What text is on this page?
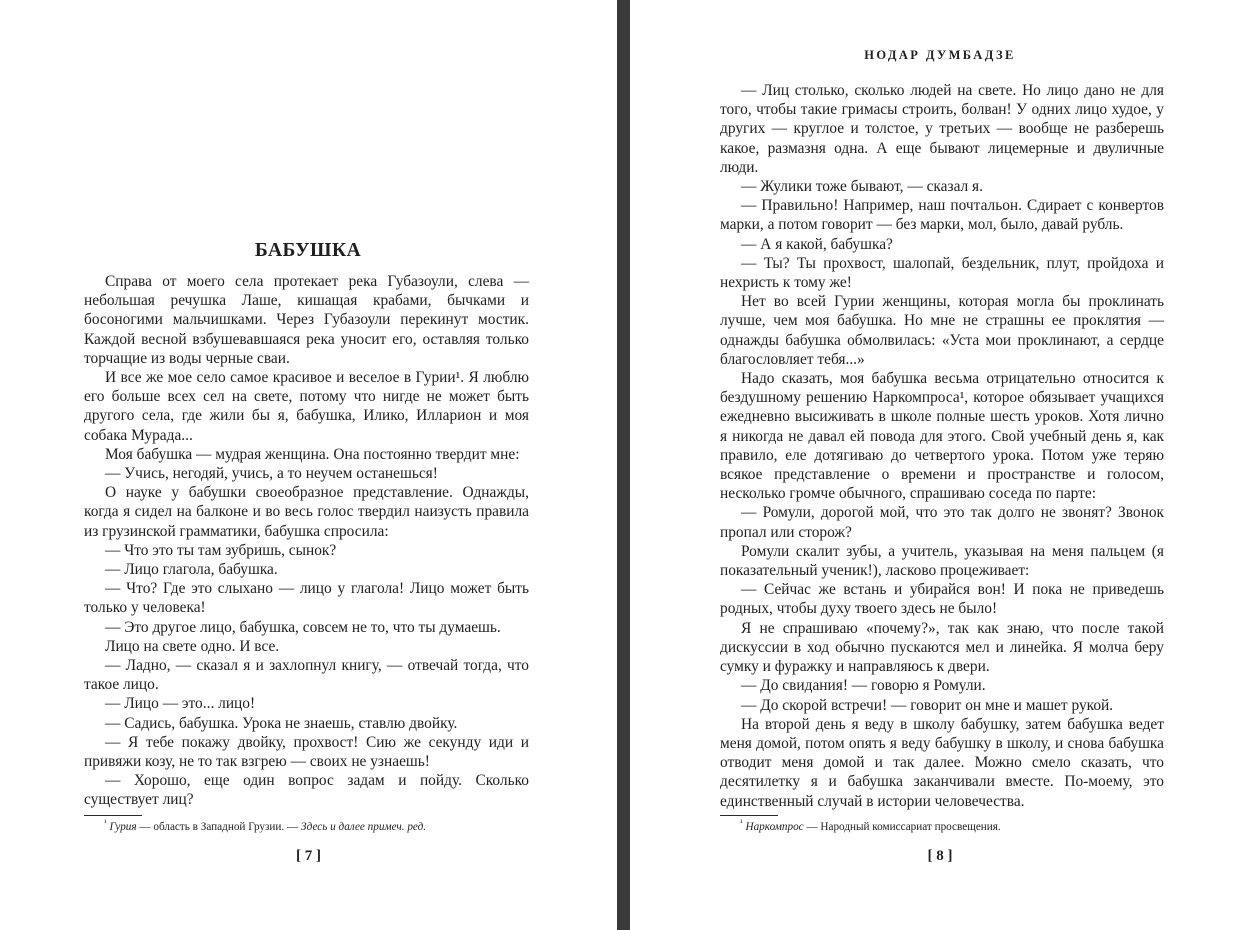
БАБУШКА

Справа от моего села протекает река Губазоули, слева — небольшая речушка Лаше, кишащая крабами, бычками и босоногими мальчишками. Через Губазоули перекинут мостик. Каждой весной взбушевавшаяся река уносит его, оставляя только торчащие из воды черные сваи.

И все же мое село самое красивое и веселое в Гурии¹. Я люблю его больше всех сел на свете, потому что нигде не может быть другого села, где жили бы я, бабушка, Илико, Илларион и моя собака Мурада...

Моя бабушка — мудрая женщина. Она постоянно твердит мне:

— Учись, негодяй, учись, а то неучем останешься!

О науке у бабушки своеобразное представление. Однажды, когда я сидел на балконе и во весь голос твердил наизусть правила из грузинской грамматики, бабушка спросила:

— Что это ты там зубришь, сынок?

— Лицо глагола, бабушка.

— Что? Где это слыхано — лицо у глагола! Лицо может быть только у человека!

— Это другое лицо, бабушка, совсем не то, что ты думаешь.

Лицо на свете одно. И все.

— Ладно, — сказал я и захлопнул книгу, — отвечай тогда, что такое лицо.

— Лицо — это... лицо!

— Садись, бабушка. Урока не знаешь, ставлю двойку.

— Я тебе покажу двойку, прохвост! Сию же секунду иди и привяжи козу, не то так взгрею — своих не узнаешь!

— Хорошо, еще один вопрос задам и пойду. Сколько существует лиц?

$^{^1}$ Гурия — область в Западной Грузии. — Здесь и далее примеч. ред.
[ 7 ]
НОДАР ДУМБАДЗЕ

— Лиц столько, сколько людей на свете. Но лицо дано не для того, чтобы такие гримасы строить, болван! У одних лицо худое, у других — круглое и толстое, у третьих — вообще не разберешь какое, размазня одна. А еще бывают лицемерные и двуличные люди.

— Жулики тоже бывают, — сказал я.

— Правильно! Например, наш почтальон. Сдирает с конвертов марки, а потом говорит — без марки, мол, было, давай рубль.

— А я какой, бабушка?

— Ты? Ты прохвост, шалопай, бездельник, плут, пройдоха и нехристь к тому же!

Нет во всей Гурии женщины, которая могла бы проклинать лучше, чем моя бабушка. Но мне не страшны ее проклятия — однажды бабушка обмолвилась: «Уста мои проклинают, а сердце благословляет тебя...»

Надо сказать, моя бабушка весьма отрицательно относится к бездушному решению Наркомпроса¹, которое обязывает учащихся ежедневно высиживать в школе полные шесть уроков. Хотя лично я никогда не давал ей повода для этого. Свой учебный день я, как правило, еле дотягиваю до четвертого урока. Потом уже теряю всякое представление о времени и пространстве и голосом, несколько громче обычного, спрашиваю соседа по парте:

— Ромули, дорогой мой, что это так долго не звонят? Звонок пропал или сторож?

Ромули скалит зубы, а учитель, указывая на меня пальцем (я показательный ученик!), ласково процеживает:

— Сейчас же встань и убирайся вон! И пока не приведешь родных, чтобы духу твоего здесь не было!

Я не спрашиваю «почему?», так как знаю, что после такой дискуссии в ход обычно пускаются мел и линейка. Я молча беру сумку и фуражку и направляюсь к двери.

— До свидания! — говорю я Ромули.

— До скорой встречи! — говорит он мне и машет рукой.

На второй день я веду в школу бабушку, затем бабушка ведет меня домой, потом опять я веду бабушку в школу, и снова бабушка отводит меня домой и так далее. Можно смело сказать, что десятилетку я и бабушка заканчивали вместе. По-моему, это единственный случай в истории человечества.

$^{^1}$ Наркомпрос — Народный комиссариат просвещения.
[ 8 ]
